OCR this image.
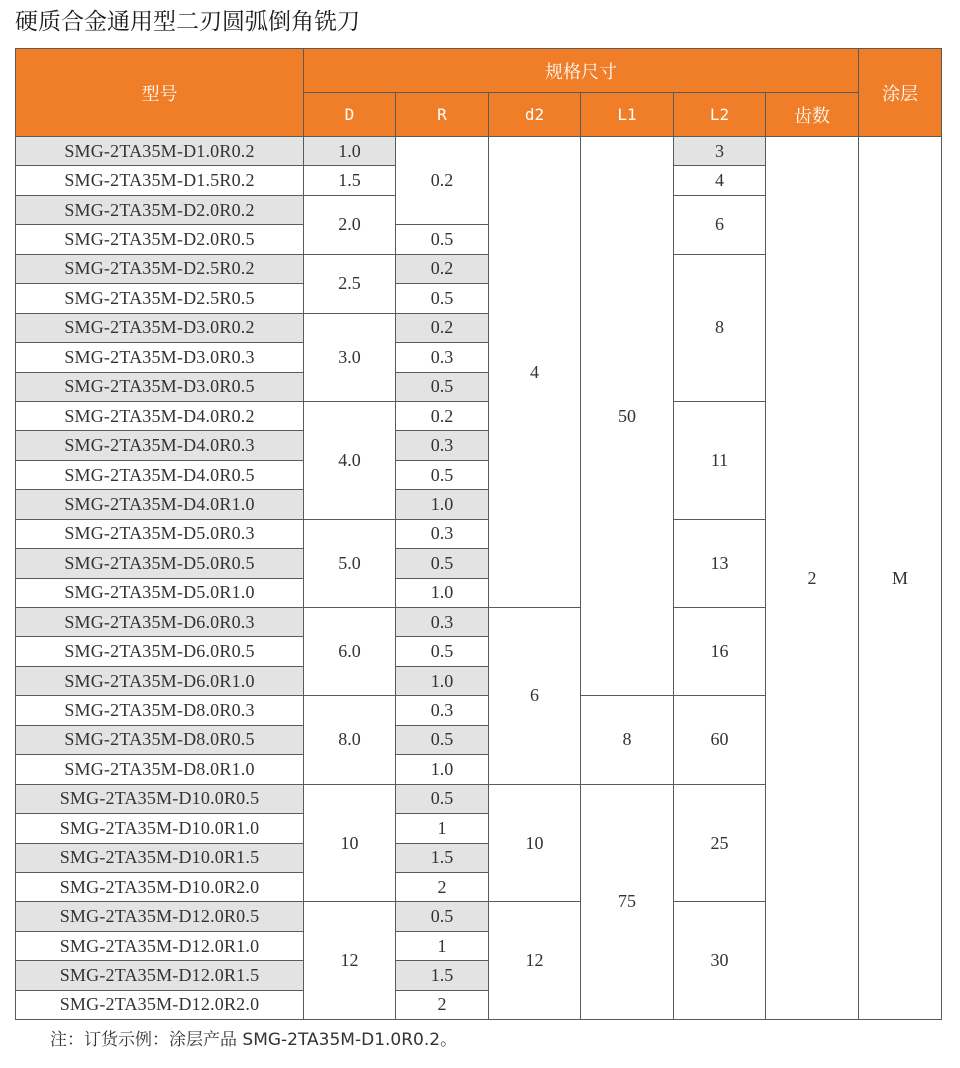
硬质合金通用型二刃圆弧倒角铣刀
型号	规格尺寸						涂层	
	D	R	d2	L1	L2	齿数		
SMG-2TA35M-D1.0R0.2	1.0	0.2	4	50	3	2	M	
SMG-2TA35M-D1.5R0.2	1.5				4			
SMG-2TA35M-D2.0R0.2	2.0				6			
SMG-2TA35M-D2.0R0.5		0.5						
SMG-2TA35M-D2.5R0.2	2.5	0.2			8			
SMG-2TA35M-D2.5R0.5		0.5						
SMG-2TA35M-D3.0R0.2	3.0	0.2						
SMG-2TA35M-D3.0R0.3		0.3						
SMG-2TA35M-D3.0R0.5		0.5						
SMG-2TA35M-D4.0R0.2	4.0	0.2			11			
SMG-2TA35M-D4.0R0.3		0.3						
SMG-2TA35M-D4.0R0.5		0.5						
SMG-2TA35M-D4.0R1.0		1.0						
SMG-2TA35M-D5.0R0.3	5.0	0.3			13			
SMG-2TA35M-D5.0R0.5		0.5						
SMG-2TA35M-D5.0R1.0		1.0						
SMG-2TA35M-D6.0R0.3	6.0	0.3	6		16			
SMG-2TA35M-D6.0R0.5		0.5						
SMG-2TA35M-D6.0R1.0		1.0						
SMG-2TA35M-D8.0R0.3	8.0	0.3		8	60	
SMG-2TA35M-D8.0R0.5		0.5						
SMG-2TA35M-D8.0R1.0		1.0						
SMG-2TA35M-D10.0R0.5	10	0.5	10	75	25			
SMG-2TA35M-D10.0R1.0		1						
SMG-2TA35M-D10.0R1.5		1.5						
SMG-2TA35M-D10.0R2.0		2						
SMG-2TA35M-D12.0R0.5	12	0.5	12		30			
SMG-2TA35M-D12.0R1.0		1						
SMG-2TA35M-D12.0R1.5		1.5						
SMG-2TA35M-D12.0R2.0		2						
注：订货示例：涂层产品 SMG-2TA35M-D1.0R0.2。
